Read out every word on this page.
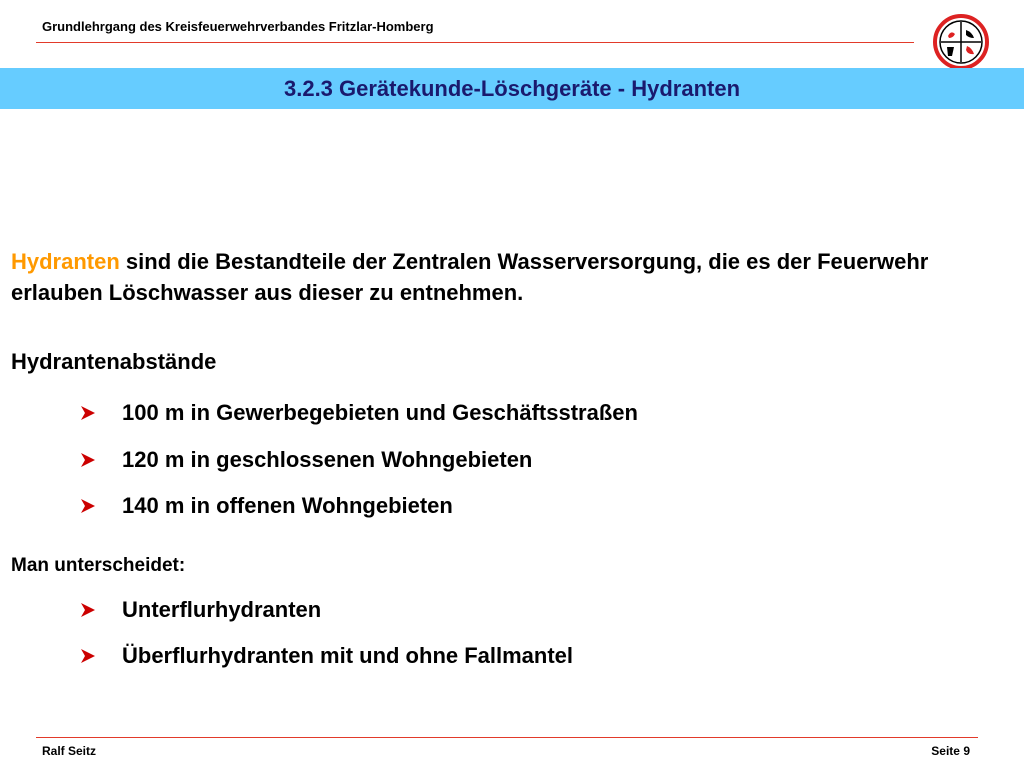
Grundlehrgang des Kreisfeuerwehrverbandes Fritzlar-Homberg
3.2.3 Gerätekunde-Löschgeräte - Hydranten
Hydranten sind die Bestandteile der Zentralen Wasserversorgung, die es der Feuerwehr erlauben Löschwasser aus dieser zu entnehmen.
Hydrantenabstände
100 m in Gewerbegebieten und Geschäftsstraßen
120 m in geschlossenen Wohngebieten
140 m in offenen Wohngebieten
Man unterscheidet:
Unterflurhydranten
Überflurhydranten mit und ohne Fallmantel
Ralf Seitz	Seite 9
